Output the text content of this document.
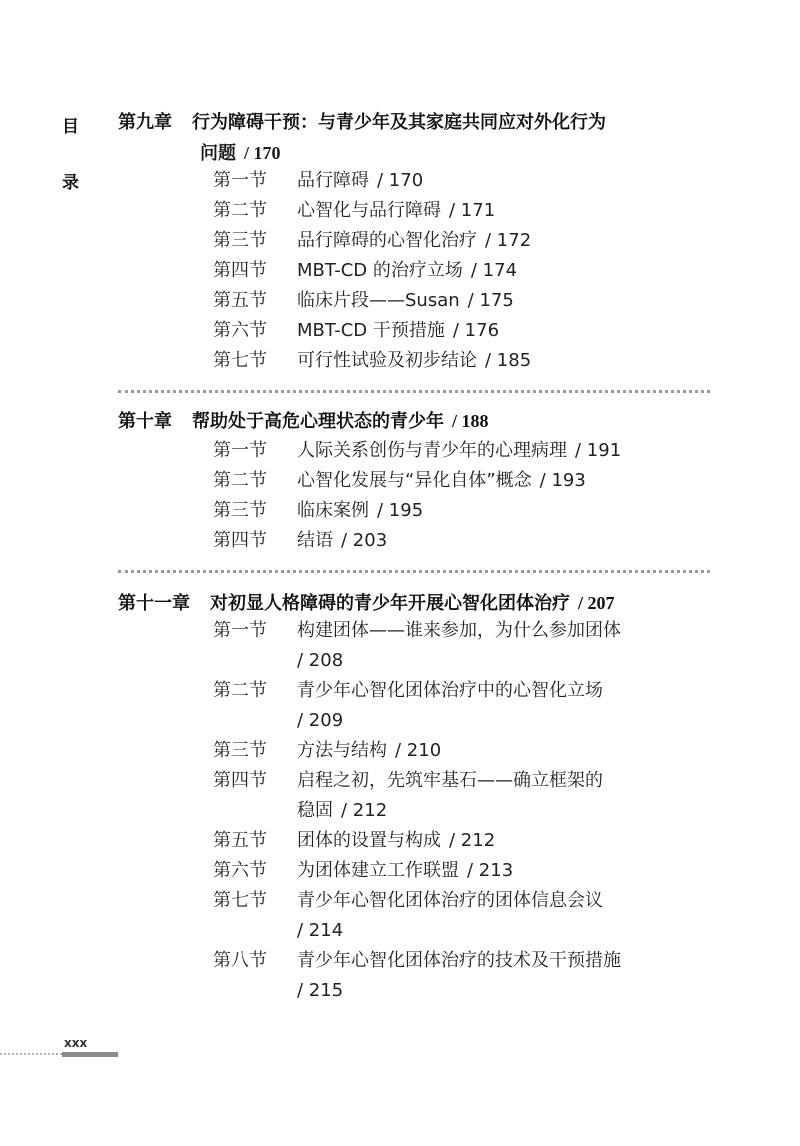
目
录
第九章 行为障碍干预：与青少年及其家庭共同应对外化行为
问题 / 170
第一节 品行障碍 / 170
第二节 心智化与品行障碍 / 171
第三节 品行障碍的心智化治疗 / 172
第四节 MBT-CD 的治疗立场 / 174
第五节 临床片段——Susan / 175
第六节 MBT-CD 干预措施 / 176
第七节 可行性试验及初步结论 / 185
第十章 帮助处于高危心理状态的青少年 / 188
第一节 人际关系创伤与青少年的心理病理 / 191
第二节 心智化发展与“异化自体”概念 / 193
第三节 临床案例 / 195
第四节 结语 / 203
第十一章 对初显人格障碍的青少年开展心智化团体治疗 / 207
第一节 构建团体——谁来参加，为什么参加团体
/ 208
第二节 青少年心智化团体治疗中的心智化立场
/ 209
第三节 方法与结构 / 210
第四节 启程之初，先筑牢基石——确立框架的
稳固 / 212
第五节 团体的设置与构成 / 212
第六节 为团体建立工作联盟 / 213
第七节 青少年心智化团体治疗的团体信息会议
/ 214
第八节 青少年心智化团体治疗的技术及干预措施
/ 215
xxx
